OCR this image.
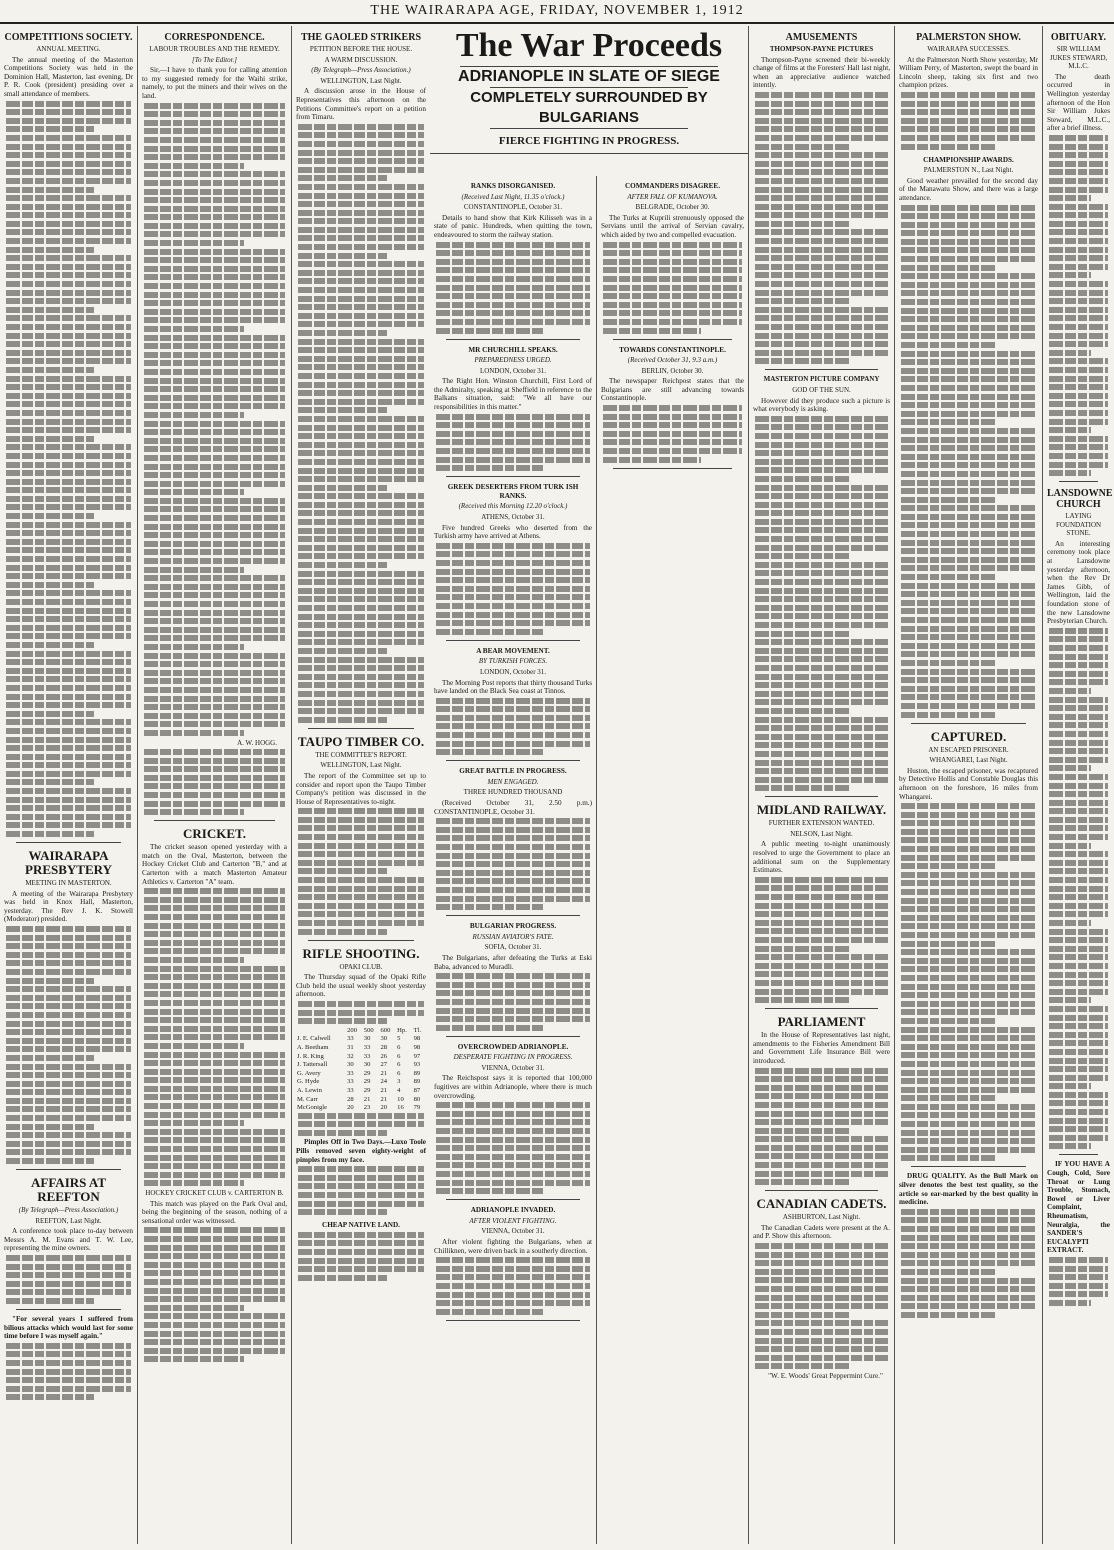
THE WAIRARAPA AGE, FRIDAY, NOVEMBER 1, 1912
COMPETITIONS SOCIETY.
ANNUAL MEETING.

The annual meeting of the Masterton Competitions Society was held in the Dominion Hall, Masterton, last evening, Dr P. R. Cook (president) presiding over a small attendance of members.

WAIRARAPA PRESBYTERY
MEETING IN MASTERTON.

A meeting of the Wairarapa Presbytery was held in Knox Hall, Masterton, yesterday. The Rev J. K. Stowell (Moderator) presided.

AFFAIRS AT REEFTON
(By Telegraph—Press Association.)
REEFTON, Last Night.

A conference took place to-day between Messrs A. M. Evans and T. W. Lee, representing the mine owners.

"For several years I suffered from bilious attacks which would last for some time before I was myself again."

CORRESPONDENCE.
LABOUR TROUBLES AND THE REMEDY.
[To The Editor.]

Sir,—I have to thank you for calling attention to my suggested remedy for the Waihi strike, namely, to put the miners and their wives on the land.

A. W. HOGG.
CRICKET.

The cricket season opened yesterday with a match on the Oval, Masterton, between the Hockey Cricket Club and Carterton "B," and at Carterton with a match Masterton Amateur Athletics v. Carterton "A" team.

HOCKEY CRICKET CLUB v. CARTERTON B.

This match was played on the Park Oval and, being the beginning of the season, nothing of a sensational order was witnessed.

THE GAOLED STRIKERS
PETITION BEFORE THE HOUSE.
A WARM DISCUSSION.
(By Telegraph—Press Association.)
WELLINGTON, Last Night.

A discussion arose in the House of Representatives this afternoon on the Petitions Committee's report on a petition from Timaru.

TAUPO TIMBER CO.
THE COMMITTEE'S REPORT.
WELLINGTON, Last Night.

The report of the Committee set up to consider and report upon the Taupo Timber Company's petition was discussed in the House of Representatives to-night.

RIFLE SHOOTING.
OPAKI CLUB.

The Thursday squad of the Opaki Rifle Club held the usual weekly shoot yesterday afternoon.

	200	500	600	Hp.	Tl.
J. E. Calwell	33	30	30	5	98
A. Beetham	31	33	28	6	98
J. R. King	32	33	26	6	97
J. Tattersall	30	30	27	6	93
G. Avery	33	29	21	6	89
G. Hyde	33	29	24	3	89
A. Lewin	33	29	21	4	87
M. Carr	28	21	21	10	80
McGonigle	20	23	20	16	79

Pimples Off in Two Days.—Luxo Toole Pills removed seven eighty-weight of pimples from my face.

CHEAP NATIVE LAND.
The War Proceeds
ADRIANOPLE IN SLATE OF SIEGE
COMPLETELY SURROUNDED BY BULGARIANS
FIERCE FIGHTING IN PROGRESS.
RANKS DISORGANISED.
(Received Last Night, 11.35 o'clock.)
CONSTANTINOPLE, October 31.

Details to hand show that Kirk Kilisseh was in a state of panic. Hundreds, when quitting the town, endeavoured to storm the railway station.

MR CHURCHILL SPEAKS.
PREPAREDNESS URGED.
LONDON, October 31.

The Right Hon. Winston Churchill, First Lord of the Admiralty, speaking at Sheffield in reference to the Balkans situation, said: "We all have our responsibilities in this matter."

GREEK DESERTERS FROM TURK ISH RANKS.
(Received this Morning 12.20 o'clock.)
ATHENS, October 31.

Five hundred Greeks who deserted from the Turkish army have arrived at Athens.

A BEAR MOVEMENT.
BY TURKISH FORCES.
LONDON, October 31.

The Morning Post reports that thirty thousand Turks have landed on the Black Sea coast at Tinnos.

GREAT BATTLE IN PROGRESS.
MEN ENGAGED.
THREE HUNDRED THOUSAND

(Received October 31, 2.50 p.m.) CONSTANTINOPLE, October 31.

BULGARIAN PROGRESS.
RUSSIAN AVIATOR'S FATE.
SOFIA, October 31.

The Bulgarians, after defeating the Turks at Eski Baba, advanced to Muradli.

OVERCROWDED ADRIANOPLE.
DESPERATE FIGHTING IN PROGRESS.
VIENNA, October 31.

The Reichspost says it is reported that 100,000 fugitives are within Adrianople, where there is much overcrowding.

ADRIANOPLE INVADED.
AFTER VIOLENT FIGHTING.
VIENNA, October 31.

After violent fighting the Bulgarians, when at Chilliknen, were driven back in a southerly direction.

COMMANDERS DISAGREE.
AFTER FALL OF KUMANOVA.
BELGRADE, October 30.

The Turks at Kuprili strenuously opposed the Servians until the arrival of Servian cavalry, which aided by two and compelled evacuation.

TOWARDS CONSTANTINOPLE.
(Received October 31, 9.3 a.m.)
BERLIN, October 30.

The newspaper Reichpost states that the Bulgarians are still advancing towards Constantinople.

AMUSEMENTS
THOMPSON-PAYNE PICTURES

Thompson-Payne screened their bi-weekly change of films at the Foresters' Hall last night, when an appreciative audience watched intently.

MASTERTON PICTURE COMPANY
GOD OF THE SUN.

However did they produce such a picture is what everybody is asking.

MIDLAND RAILWAY.
FURTHER EXTENSION WANTED.
NELSON, Last Night.

A public meeting to-night unanimously resolved to urge the Government to place an additional sum on the Supplementary Estimates.

PARLIAMENT

In the House of Representatives last night, amendments to the Fisheries Amendment Bill and Government Life Insurance Bill were introduced.

CANADIAN CADETS.
ASHBURTON, Last Night.

The Canadian Cadets were present at the A. and P. Show this afternoon.

"W. E. Woods' Great Peppermint Cure."

PALMERSTON SHOW.
WAIRARAPA SUCCESSES.

At the Palmerston North Show yesterday, Mr William Perry, of Masterton, swept the board in Lincoln sheep, taking six first and two champion prizes.

CHAMPIONSHIP AWARDS.
PALMERSTON N., Last Night.

Good weather prevailed for the second day of the Manawatu Show, and there was a large attendance.

CAPTURED.
AN ESCAPED PRISONER.
WHANGAREI, Last Night.

Huston, the escaped prisoner, was recaptured by Detective Hollis and Constable Douglas this afternoon on the foreshore, 16 miles from Whangarei.

DRUG QUALITY. As the Bull Mark on silver denotes the best test quality, so the article so ear-marked by the best quality in medicine.

OBITUARY.
SIR WILLIAM JUKES STEWARD, M.L.C.

The death occurred in Wellington yesterday afternoon of the Hon Sir William Jukes Steward, M.L.C., after a brief illness.

LANSDOWNE CHURCH
LAYING FOUNDATION STONE.

An interesting ceremony took place at Lansdowne yesterday afternoon, when the Rev Dr James Gibb, of Wellington, laid the foundation stone of the new Lansdowne Presbyterian Church.

IF YOU HAVE A Cough, Cold, Sore Throat or Lung Trouble, Stomach, Bowel or Liver Complaint, Rheumatism, Neuralgia, the SANDER'S EUCALYPTI EXTRACT.
